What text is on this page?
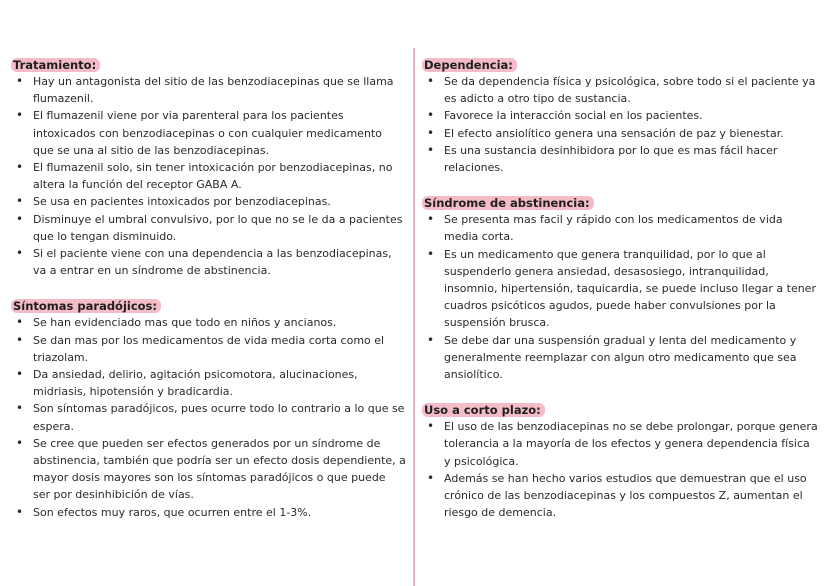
Tratamiento:
• Hay un antagonista del sitio de las benzodiacepinas que se llama flumazenil.
• El flumazenil viene por via parenteral para los pacientes intoxicados con benzodiacepinas o con cualquier medicamento que se una al sitio de las benzodiacepinas.
• El flumazenil solo, sin tener intoxicación por benzodiacepinas, no altera la función del receptor GABA A.
• Se usa en pacientes intoxicados por benzodiacepinas.
• Disminuye el umbral convulsivo, por lo que no se le da a pacientes que lo tengan disminuido.
• Si el paciente viene con una dependencia a las benzodiacepinas, va a entrar en un síndrome de abstinencia.
Síntomas paradójicos:
• Se han evidenciado mas que todo en niños y ancianos.
• Se dan mas por los medicamentos de vida media corta como el triazolam.
• Da ansiedad, delirio, agitación psicomotora, alucinaciones, midriasis, hipotensión y bradicardia.
• Son síntomas paradójicos, pues ocurre todo lo contrario a lo que se espera.
• Se cree que pueden ser efectos generados por un síndrome de abstinencia, también que podría ser un efecto dosis dependiente, a mayor dosis mayores son los síntomas paradójicos o que puede ser por desinhibición de vías.
• Son efectos muy raros, que ocurren entre el 1-3%.
Dependencia:
• Se da dependencia física y psicológica, sobre todo si el paciente ya es adicto a otro tipo de sustancia.
• Favorece la interacción social en los pacientes.
• El efecto ansiolítico genera una sensación de paz y bienestar.
• Es una sustancia desinhibidora por lo que es mas fácil hacer relaciones.
Síndrome de abstinencia:
• Se presenta mas facil y rápido con los medicamentos de vida media corta.
• Es un medicamento que genera tranquilidad, por lo que al suspenderlo genera ansiedad, desasosiego, intranquilidad, insomnio, hipertensión, taquicardia, se puede incluso llegar a tener cuadros psicóticos agudos, puede haber convulsiones por la suspensión brusca.
• Se debe dar una suspensión gradual y lenta del medicamento y generalmente reemplazar con algun otro medicamento que sea ansiolítico.
Uso a corto plazo:
• El uso de las benzodiacepinas no se debe prolongar, porque genera tolerancia a la mayoría de los efectos y genera dependencia física y psicológica.
• Además se han hecho varios estudios que demuestran que el uso crónico de las benzodiacepinas y los compuestos Z, aumentan el riesgo de demencia.
